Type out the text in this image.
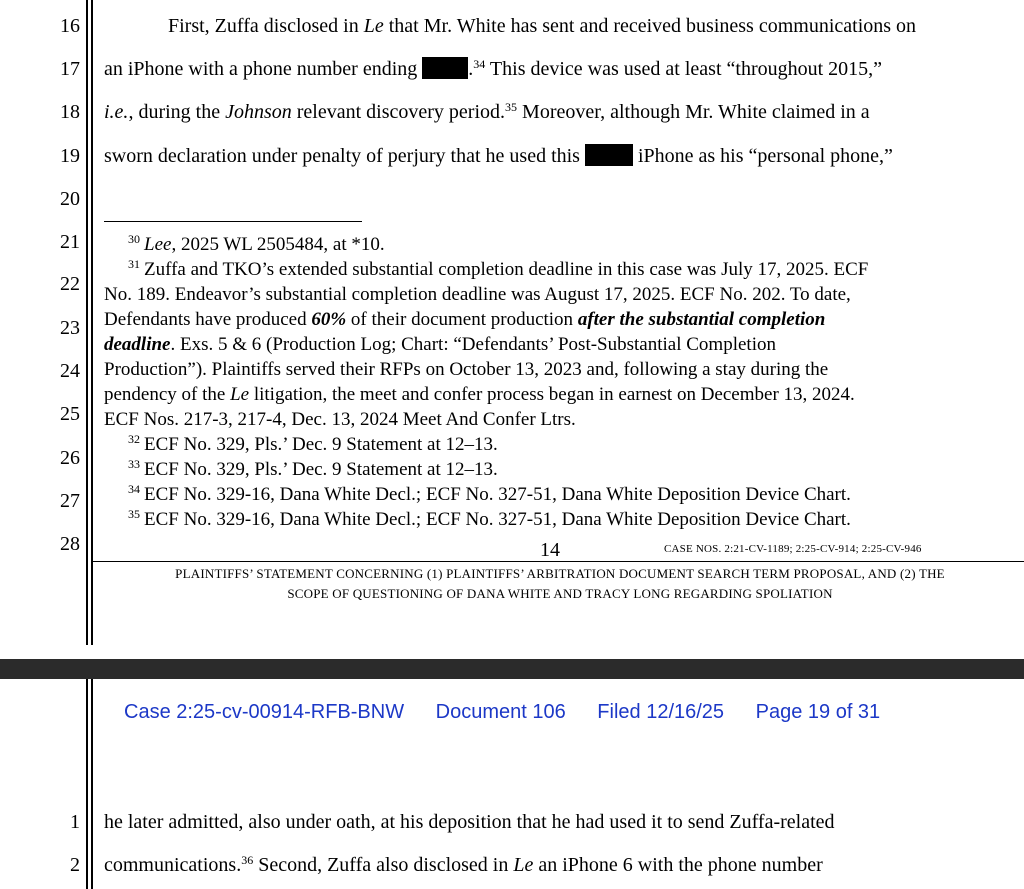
16
17
18
19
20
21
22
23
24
25
26
27
28
First, Zuffa disclosed in Le that Mr. White has sent and received business communications on
an iPhone with a phone number ending .$^{34}$ This device was used at least “throughout 2015,”
i.e., during the Johnson relevant discovery period.$^{35}$ Moreover, although Mr. White claimed in a
sworn declaration under penalty of perjury that he used this  iPhone as his “personal phone,”
$^{30}$ Lee, 2025 WL 2505484, at *10.
$^{31}$ Zuffa and TKO’s extended substantial completion deadline in this case was July 17, 2025. ECF
No. 189. Endeavor’s substantial completion deadline was August 17, 2025. ECF No. 202. To date,
Defendants have produced 60% of their document production after the substantial completion
deadline. Exs. 5 & 6 (Production Log; Chart: “Defendants’ Post-Substantial Completion
Production”). Plaintiffs served their RFPs on October 13, 2023 and, following a stay during the
pendency of the Le litigation, the meet and confer process began in earnest on December 13, 2024.
ECF Nos. 217-3, 217-4, Dec. 13, 2024 Meet And Confer Ltrs.
$^{32}$ ECF No. 329, Pls.’ Dec. 9 Statement at 12–13.
$^{33}$ ECF No. 329, Pls.’ Dec. 9 Statement at 12–13.
$^{34}$ ECF No. 329-16, Dana White Decl.; ECF No. 327-51, Dana White Deposition Device Chart.
$^{35}$ ECF No. 329-16, Dana White Decl.; ECF No. 327-51, Dana White Deposition Device Chart.
14	CASE NOS. 2:21-CV-1189; 2:25-CV-914; 2:25-CV-946
PLAINTIFFS’ STATEMENT CONCERNING (1) PLAINTIFFS’ ARBITRATION DOCUMENT SEARCH TERM PROPOSAL, AND (2) THE
SCOPE OF QUESTIONING OF DANA WHITE AND TRACY LONG REGARDING SPOLIATION
Case 2:25-cv-00914-RFB-BNW Document 106 Filed 12/16/25 Page 19 of 31
1
2
he later admitted, also under oath, at his deposition that he had used it to send Zuffa-related
communications.$^{36}$ Second, Zuffa also disclosed in Le an iPhone 6 with the phone number
